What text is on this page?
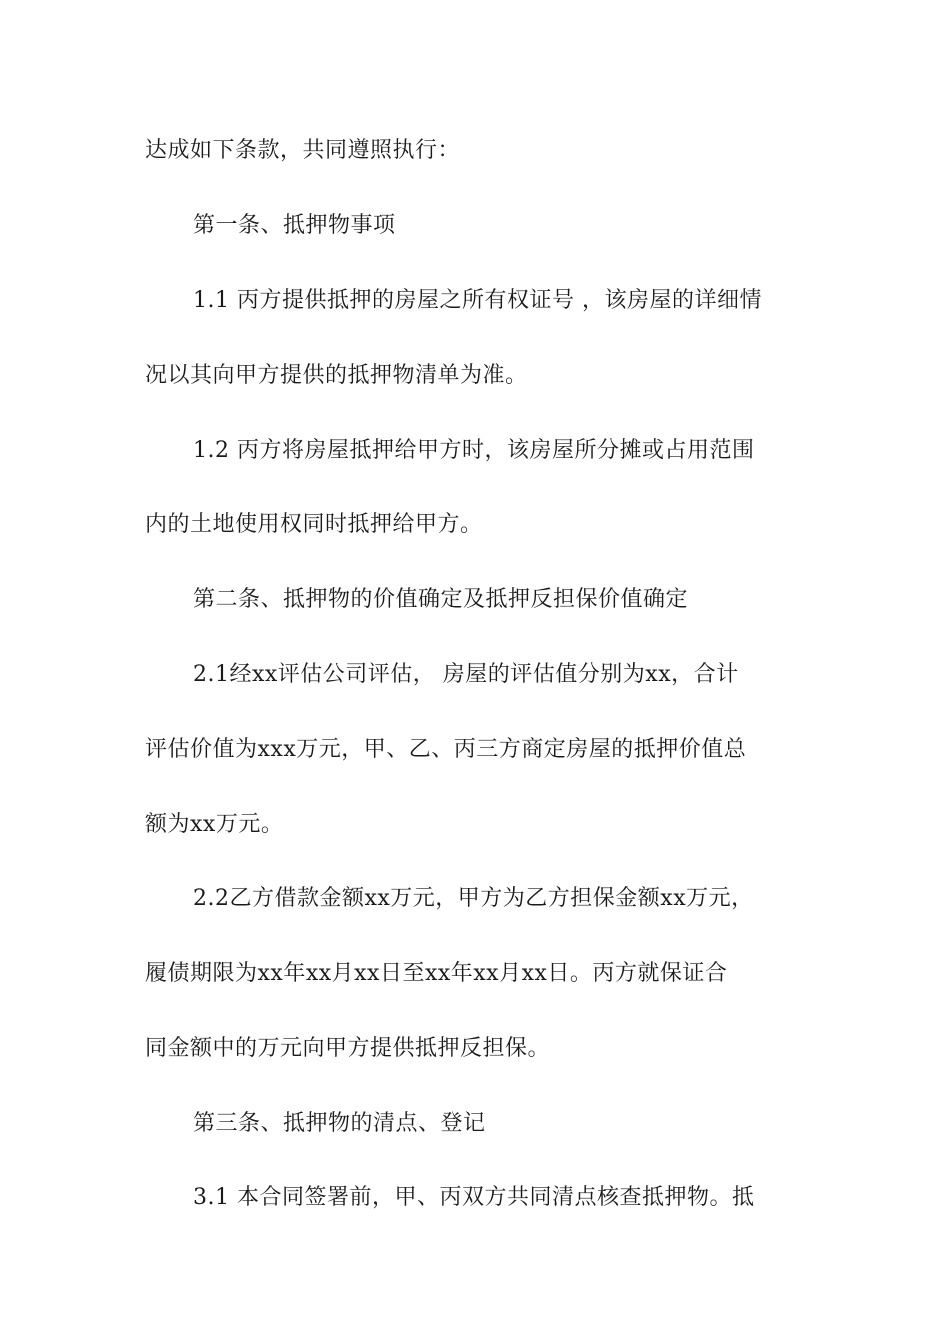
达成如下条款，共同遵照执行：
第一条、抵押物事项
1.1 丙方提供抵押的房屋之所有权证号 ，该房屋的详细情
况以其向甲方提供的抵押物清单为准。
1.2 丙方将房屋抵押给甲方时，该房屋所分摊或占用范围
内的土地使用权同时抵押给甲方。
第二条、抵押物的价值确定及抵押反担保价值确定
2.1经xx评估公司评估， 房屋的评估值分别为xx，合计
评估价值为xxx万元，甲、乙、丙三方商定房屋的抵押价值总
额为xx万元。
2.2乙方借款金额xx万元，甲方为乙方担保金额xx万元，
履债期限为xx年xx月xx日至xx年xx月xx日。丙方就保证合
同金额中的万元向甲方提供抵押反担保。
第三条、抵押物的清点、登记
3.1 本合同签署前，甲、丙双方共同清点核查抵押物。抵
